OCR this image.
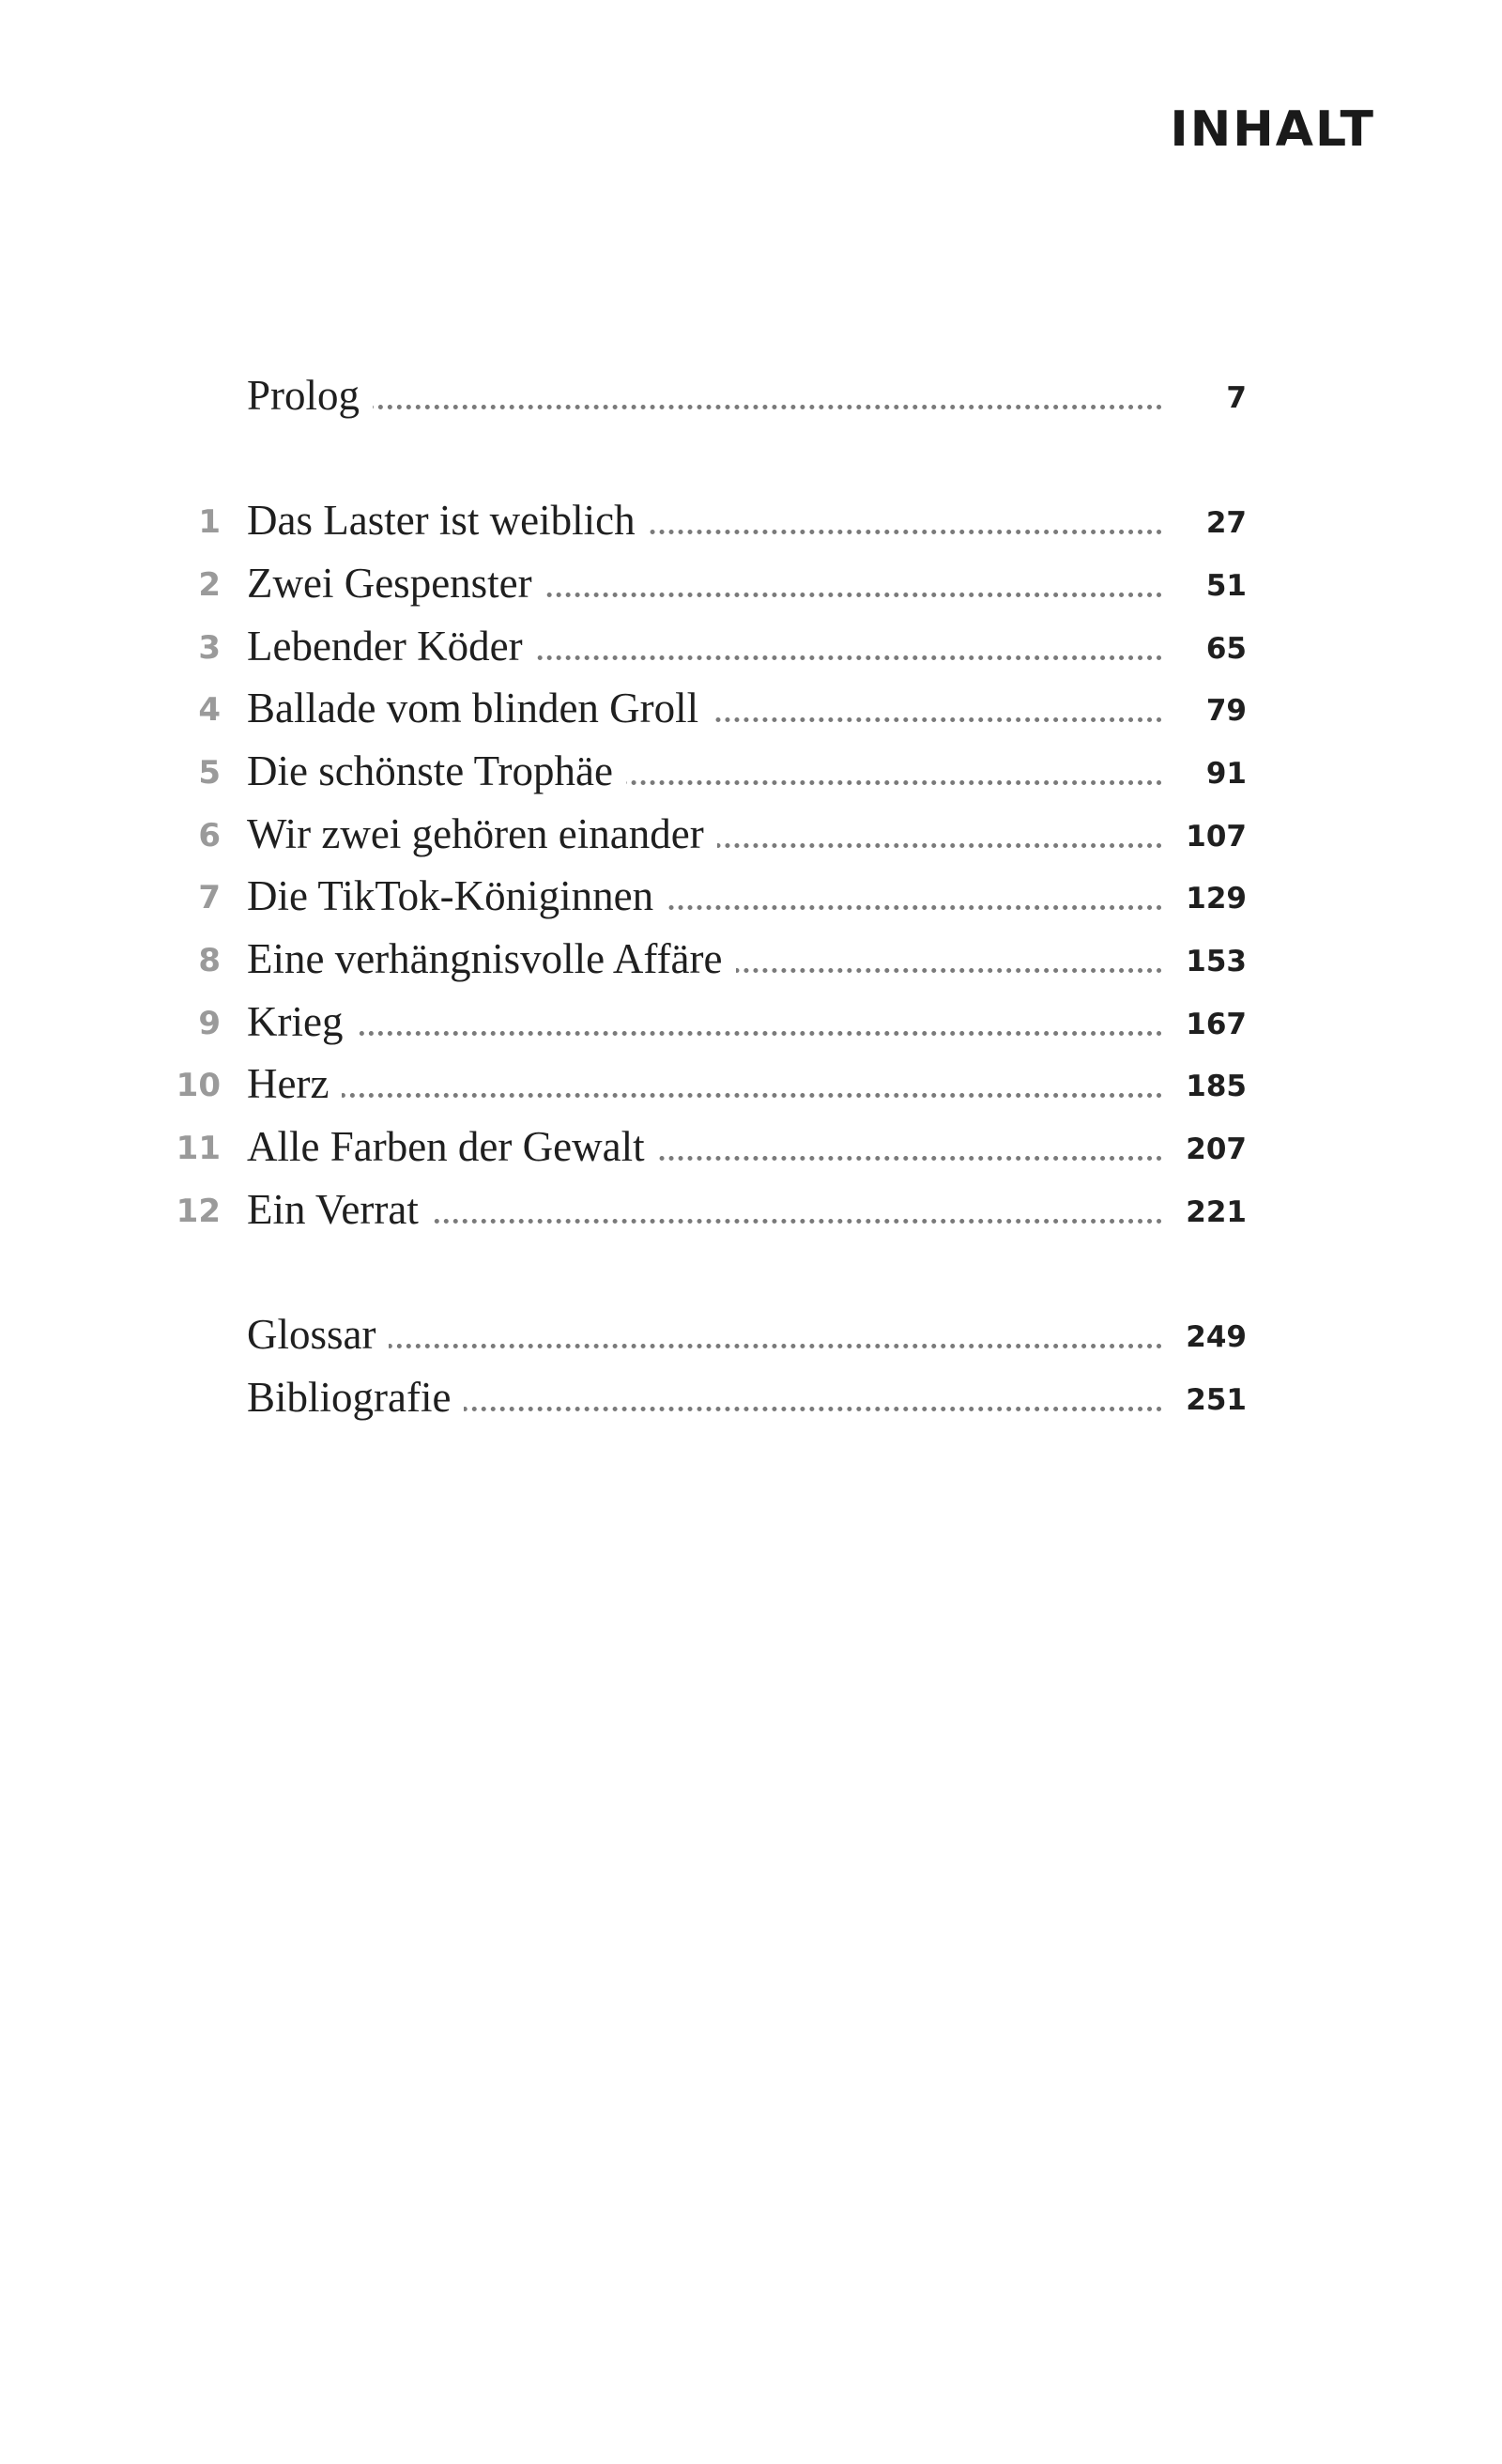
INHALT
Prolog	7
1 Das Laster ist weiblich	27
2 Zwei Gespenster	51
3 Lebender Köder	65
4 Ballade vom blinden Groll	79
5 Die schönste Trophäe	91
6 Wir zwei gehören einander	107
7 Die TikTok-Königinnen	129
8 Eine verhängnisvolle Affäre	153
9 Krieg	167
10 Herz	185
11 Alle Farben der Gewalt	207
12 Ein Verrat	221
Glossar	249
Bibliografie	251
